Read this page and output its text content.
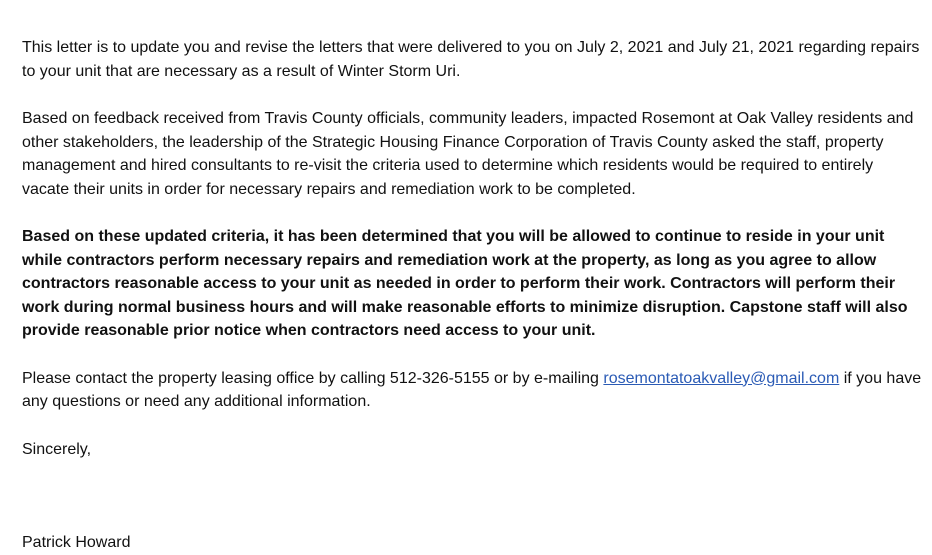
This letter is to update you and revise the letters that were delivered to you on July 2, 2021 and July 21, 2021 regarding repairs to your unit that are necessary as a result of Winter Storm Uri.

Based on feedback received from Travis County officials, community leaders, impacted Rosemont at Oak Valley residents and other stakeholders, the leadership of the Strategic Housing Finance Corporation of Travis County asked the staff, property management and hired consultants to re-visit the criteria used to determine which residents would be required to entirely vacate their units in order for necessary repairs and remediation work to be completed.

Based on these updated criteria, it has been determined that you will be allowed to continue to reside in your unit while contractors perform necessary repairs and remediation work at the property, as long as you agree to allow contractors reasonable access to your unit as needed in order to perform their work. Contractors will perform their work during normal business hours and will make reasonable efforts to minimize disruption. Capstone staff will also provide reasonable prior notice when contractors need access to your unit.

Please contact the property leasing office by calling 512-326-5155 or by e-mailing rosemontatoakvalley@gmail.com if you have any questions or need any additional information.

Sincerely,

Patrick Howard
